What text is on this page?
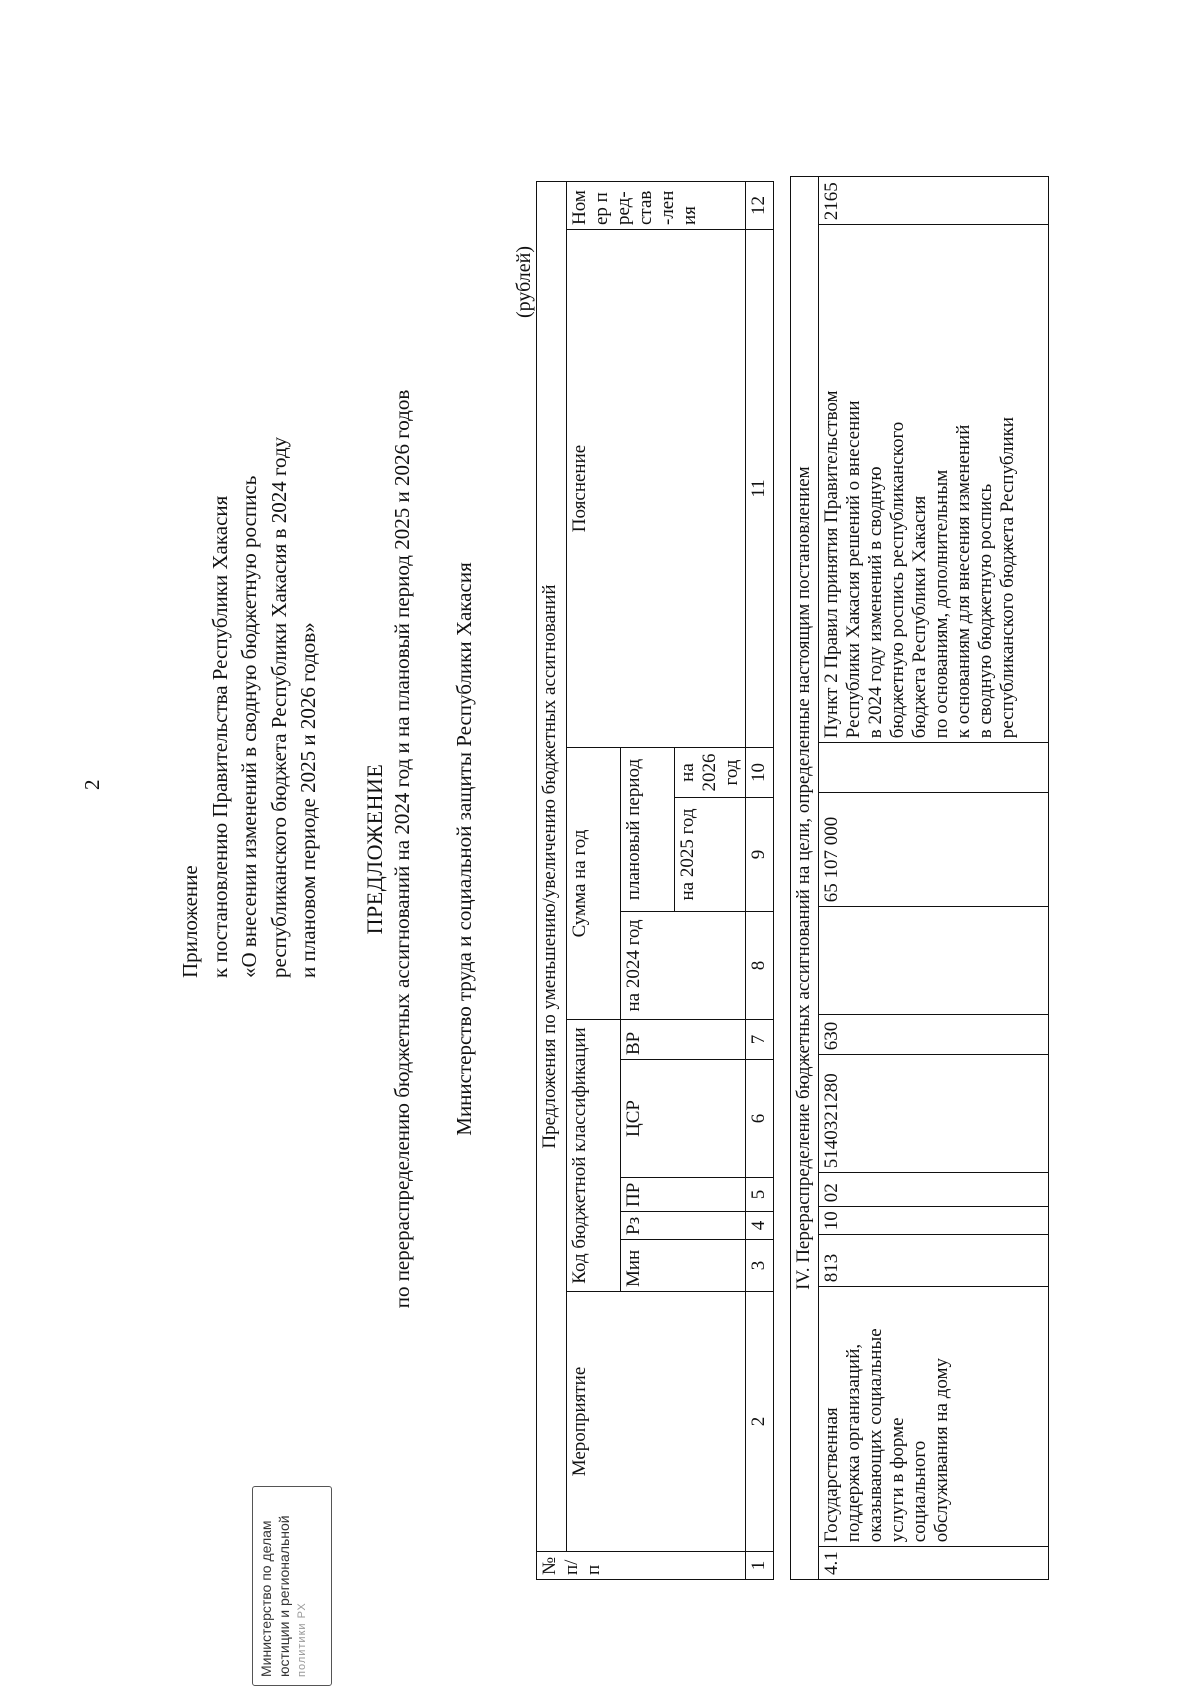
2
Приложение к постановлению Правительства Республики Хакасия «О внесении изменений в сводную бюджетную роспись республиканского бюджета Республики Хакасия в 2024 году и плановом периоде 2025 и 2026 годов» ПРЕДЛОЖЕНИЕ по перераспределению бюджетных ассигнований на 2024 год и на плановый период 2025 и 2026 годов Министерство труда и социальной защиты Республики Хакасия
(рублей)
№ п/п	Предложения по уменьшению/увеличению бюджетных ассигнований										
	Мероприятие	Код бюджетной классификации					Сумма на год			Пояснение	Номер пред-став-ления
		Мин	Рз	ПР	ЦСР	ВР	на 2024 год	плановый период			
								на 2025 год	на 2026 год		
1	2	3	4	5	6	7	8	9	10	11	12
IV. Перераспределение бюджетных ассигнований на цели, определенные настоящим постановлением
4.1	Государственная
поддержка организаций,
оказывающих социальные
услуги в форме
социального
обслуживания на дому	813	10	02	5140321280	630		65 107 000		Пункт 2 Правил принятия Правительством
Республики Хакасия решений о внесении
в 2024 году изменений в сводную
бюджетную роспись республиканского
бюджета Республики Хакасия
по основаниям, дополнительным
к основаниям для внесения изменений
в сводную бюджетную роспись
республиканского бюджета Республики	2165
Министерство по делам юстиции и региональной политики РХ
